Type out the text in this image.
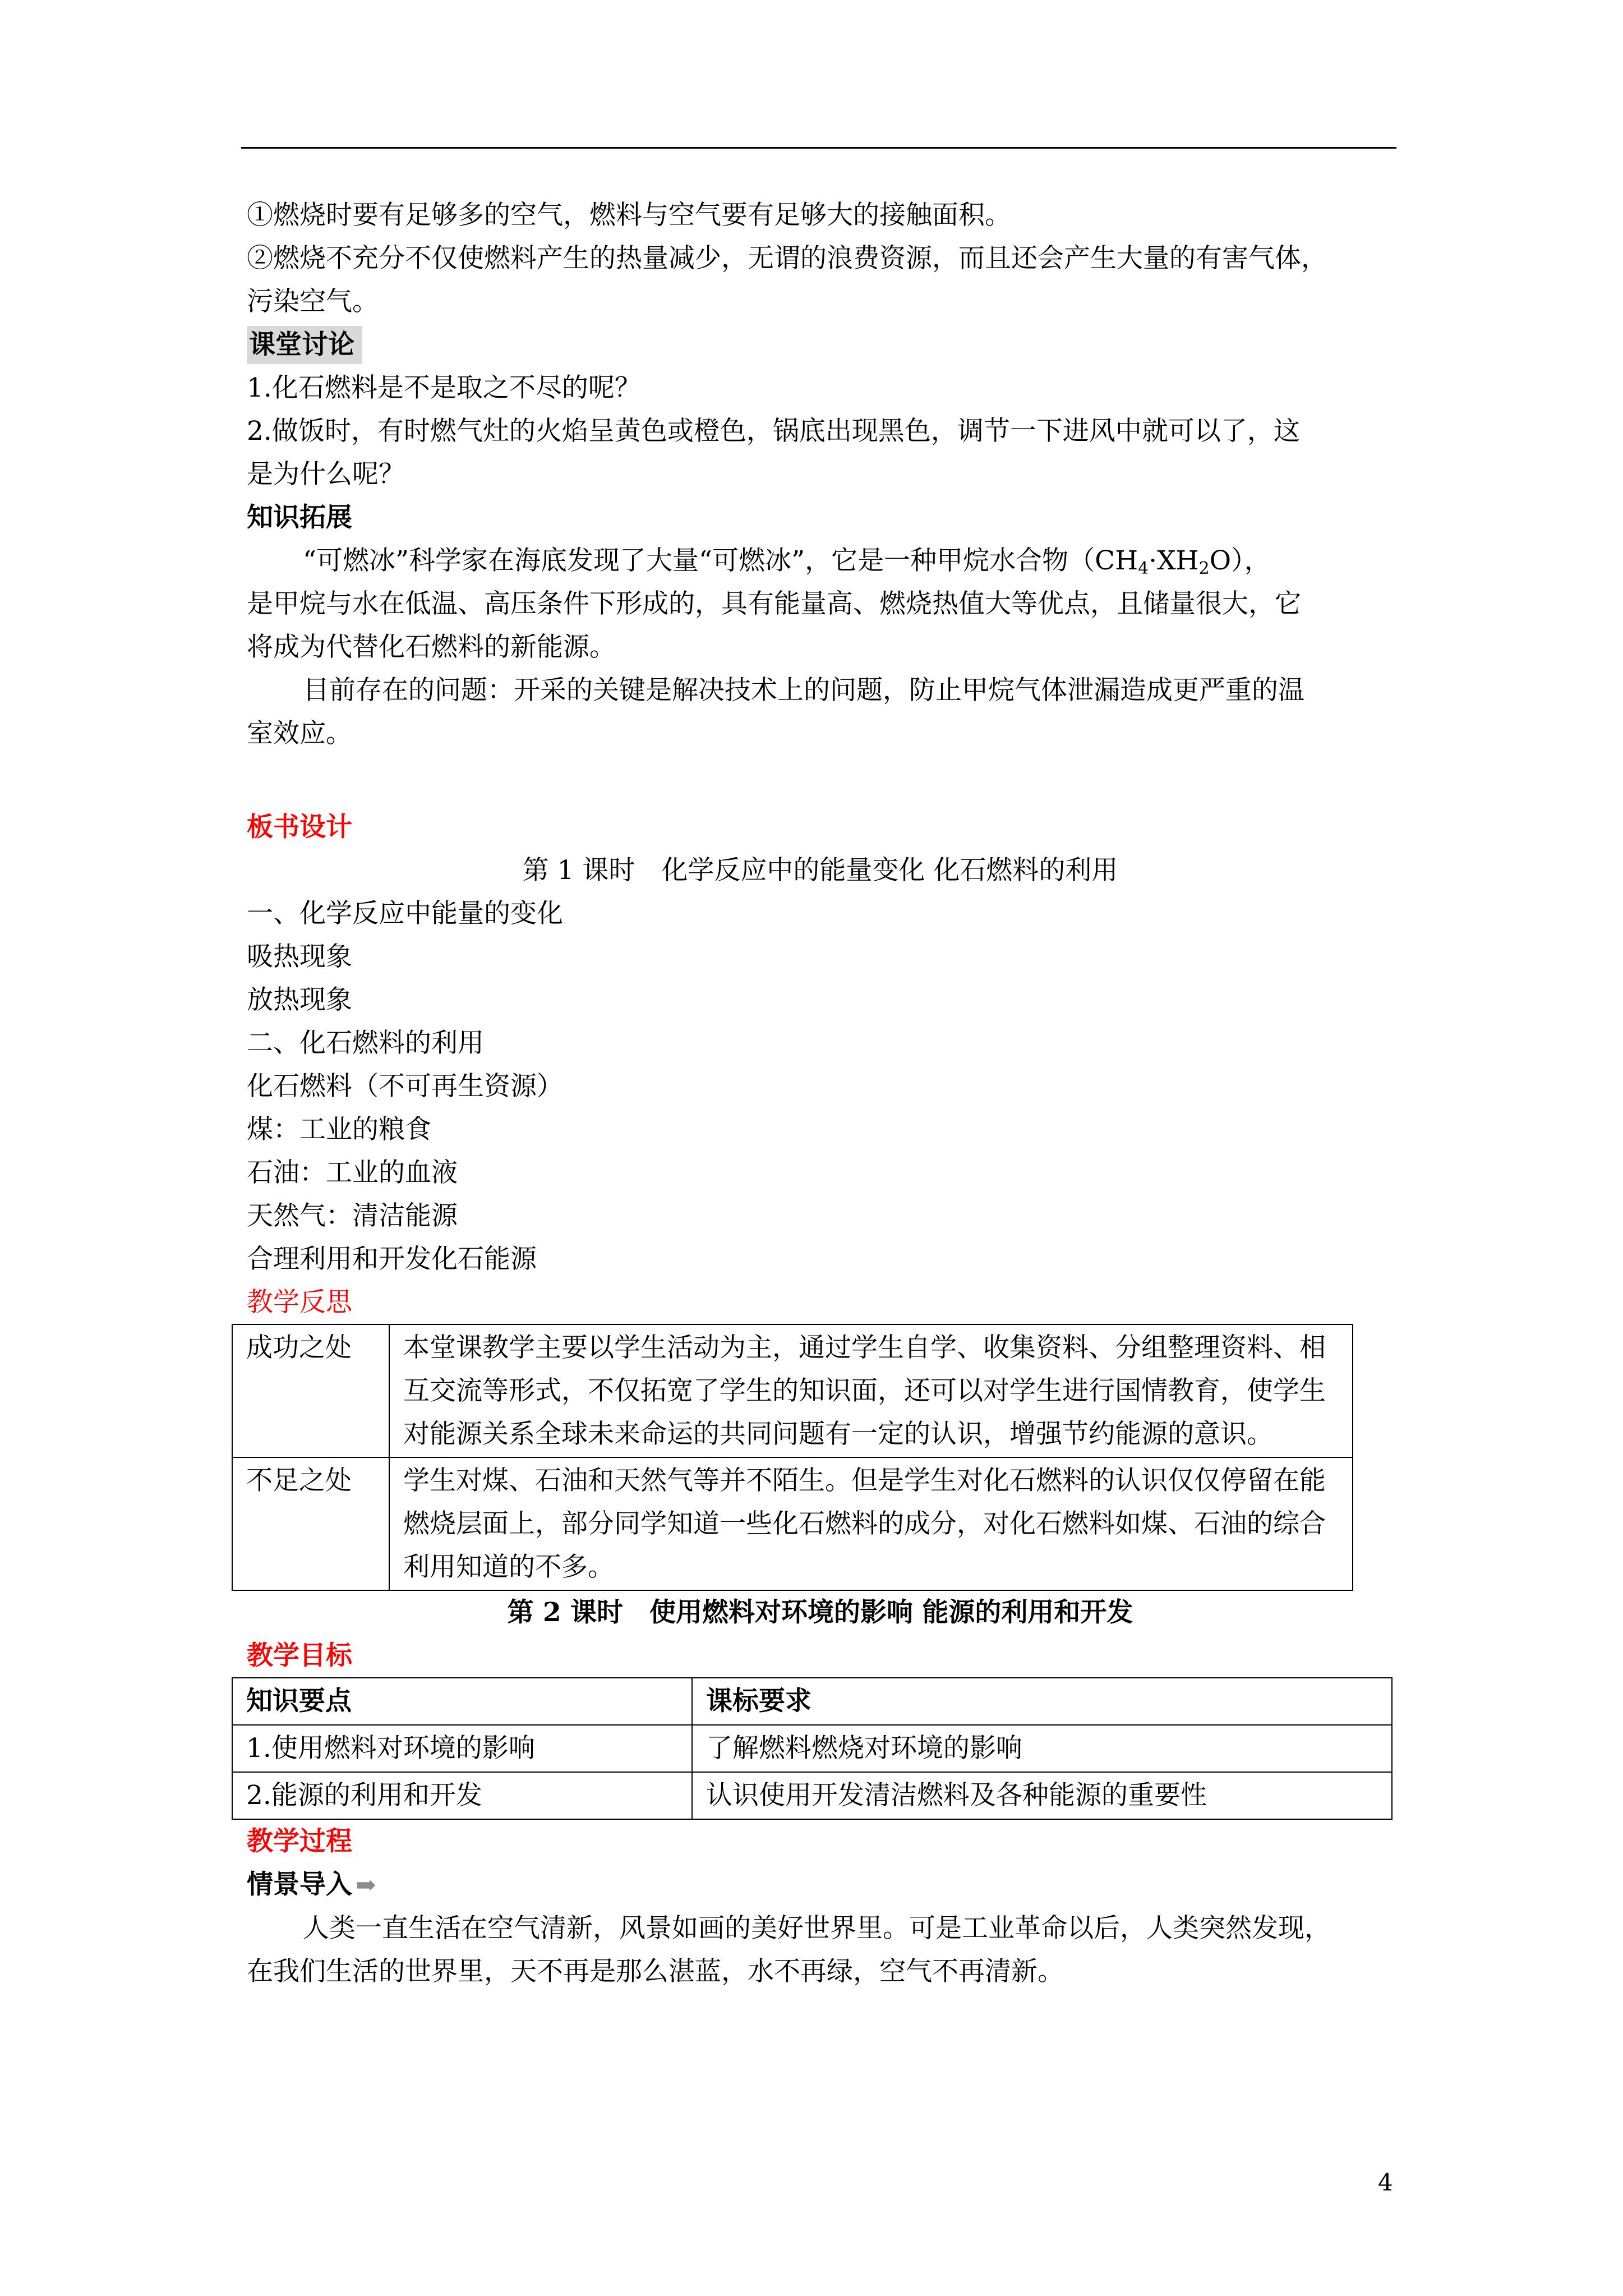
①燃烧时要有足够多的空气，燃料与空气要有足够大的接触面积。

②燃烧不充分不仅使燃料产生的热量减少，无谓的浪费资源，而且还会产生大量的有害气体，

污染空气。

课堂讨论

1.化石燃料是不是取之不尽的呢？

2.做饭时，有时燃气灶的火焰呈黄色或橙色，锅底出现黑色，调节一下进风中就可以了，这

是为什么呢？

知识拓展

“可燃冰”科学家在海底发现了大量“可燃冰”，它是一种甲烷水合物$(CH_4\cdot XH_2O)$，

是甲烷与水在低温、高压条件下形成的，具有能量高、燃烧热值大等优点，且储量很大，它

将成为代替化石燃料的新能源。

目前存在的问题：开采的关键是解决技术上的问题，防止甲烷气体泄漏造成更严重的温

室效应。

板书设计

第 1 课时　化学反应中的能量变化 化石燃料的利用

一、化学反应中能量的变化

吸热现象

放热现象

二、化石燃料的利用

化石燃料（不可再生资源）

煤：工业的粮食

石油：工业的血液

天然气：清洁能源

合理利用和开发化石能源

教学反思

成功之处	本堂课教学主要以学生活动为主，通过学生自学、收集资料、分组整理资料、相互交流等形式，不仅拓宽了学生的知识面，还可以对学生进行国情教育，使学生对能源关系全球未来命运的共同问题有一定的认识，增强节约能源的意识。
不足之处	学生对煤、石油和天然气等并不陌生。但是学生对化石燃料的认识仅仅停留在能燃烧层面上，部分同学知道一些化石燃料的成分，对化石燃料如煤、石油的综合利用知道的不多。

第 2 课时　使用燃料对环境的影响 能源的利用和开发

教学目标

知识要点	课标要求
1.使用燃料对环境的影响	了解燃料燃烧对环境的影响
2.能源的利用和开发	认识使用开发清洁燃料及各种能源的重要性

教学过程

情景导入 ➡

人类一直生活在空气清新，风景如画的美好世界里。可是工业革命以后，人类突然发现，

在我们生活的世界里，天不再是那么湛蓝，水不再绿，空气不再清新。

4
